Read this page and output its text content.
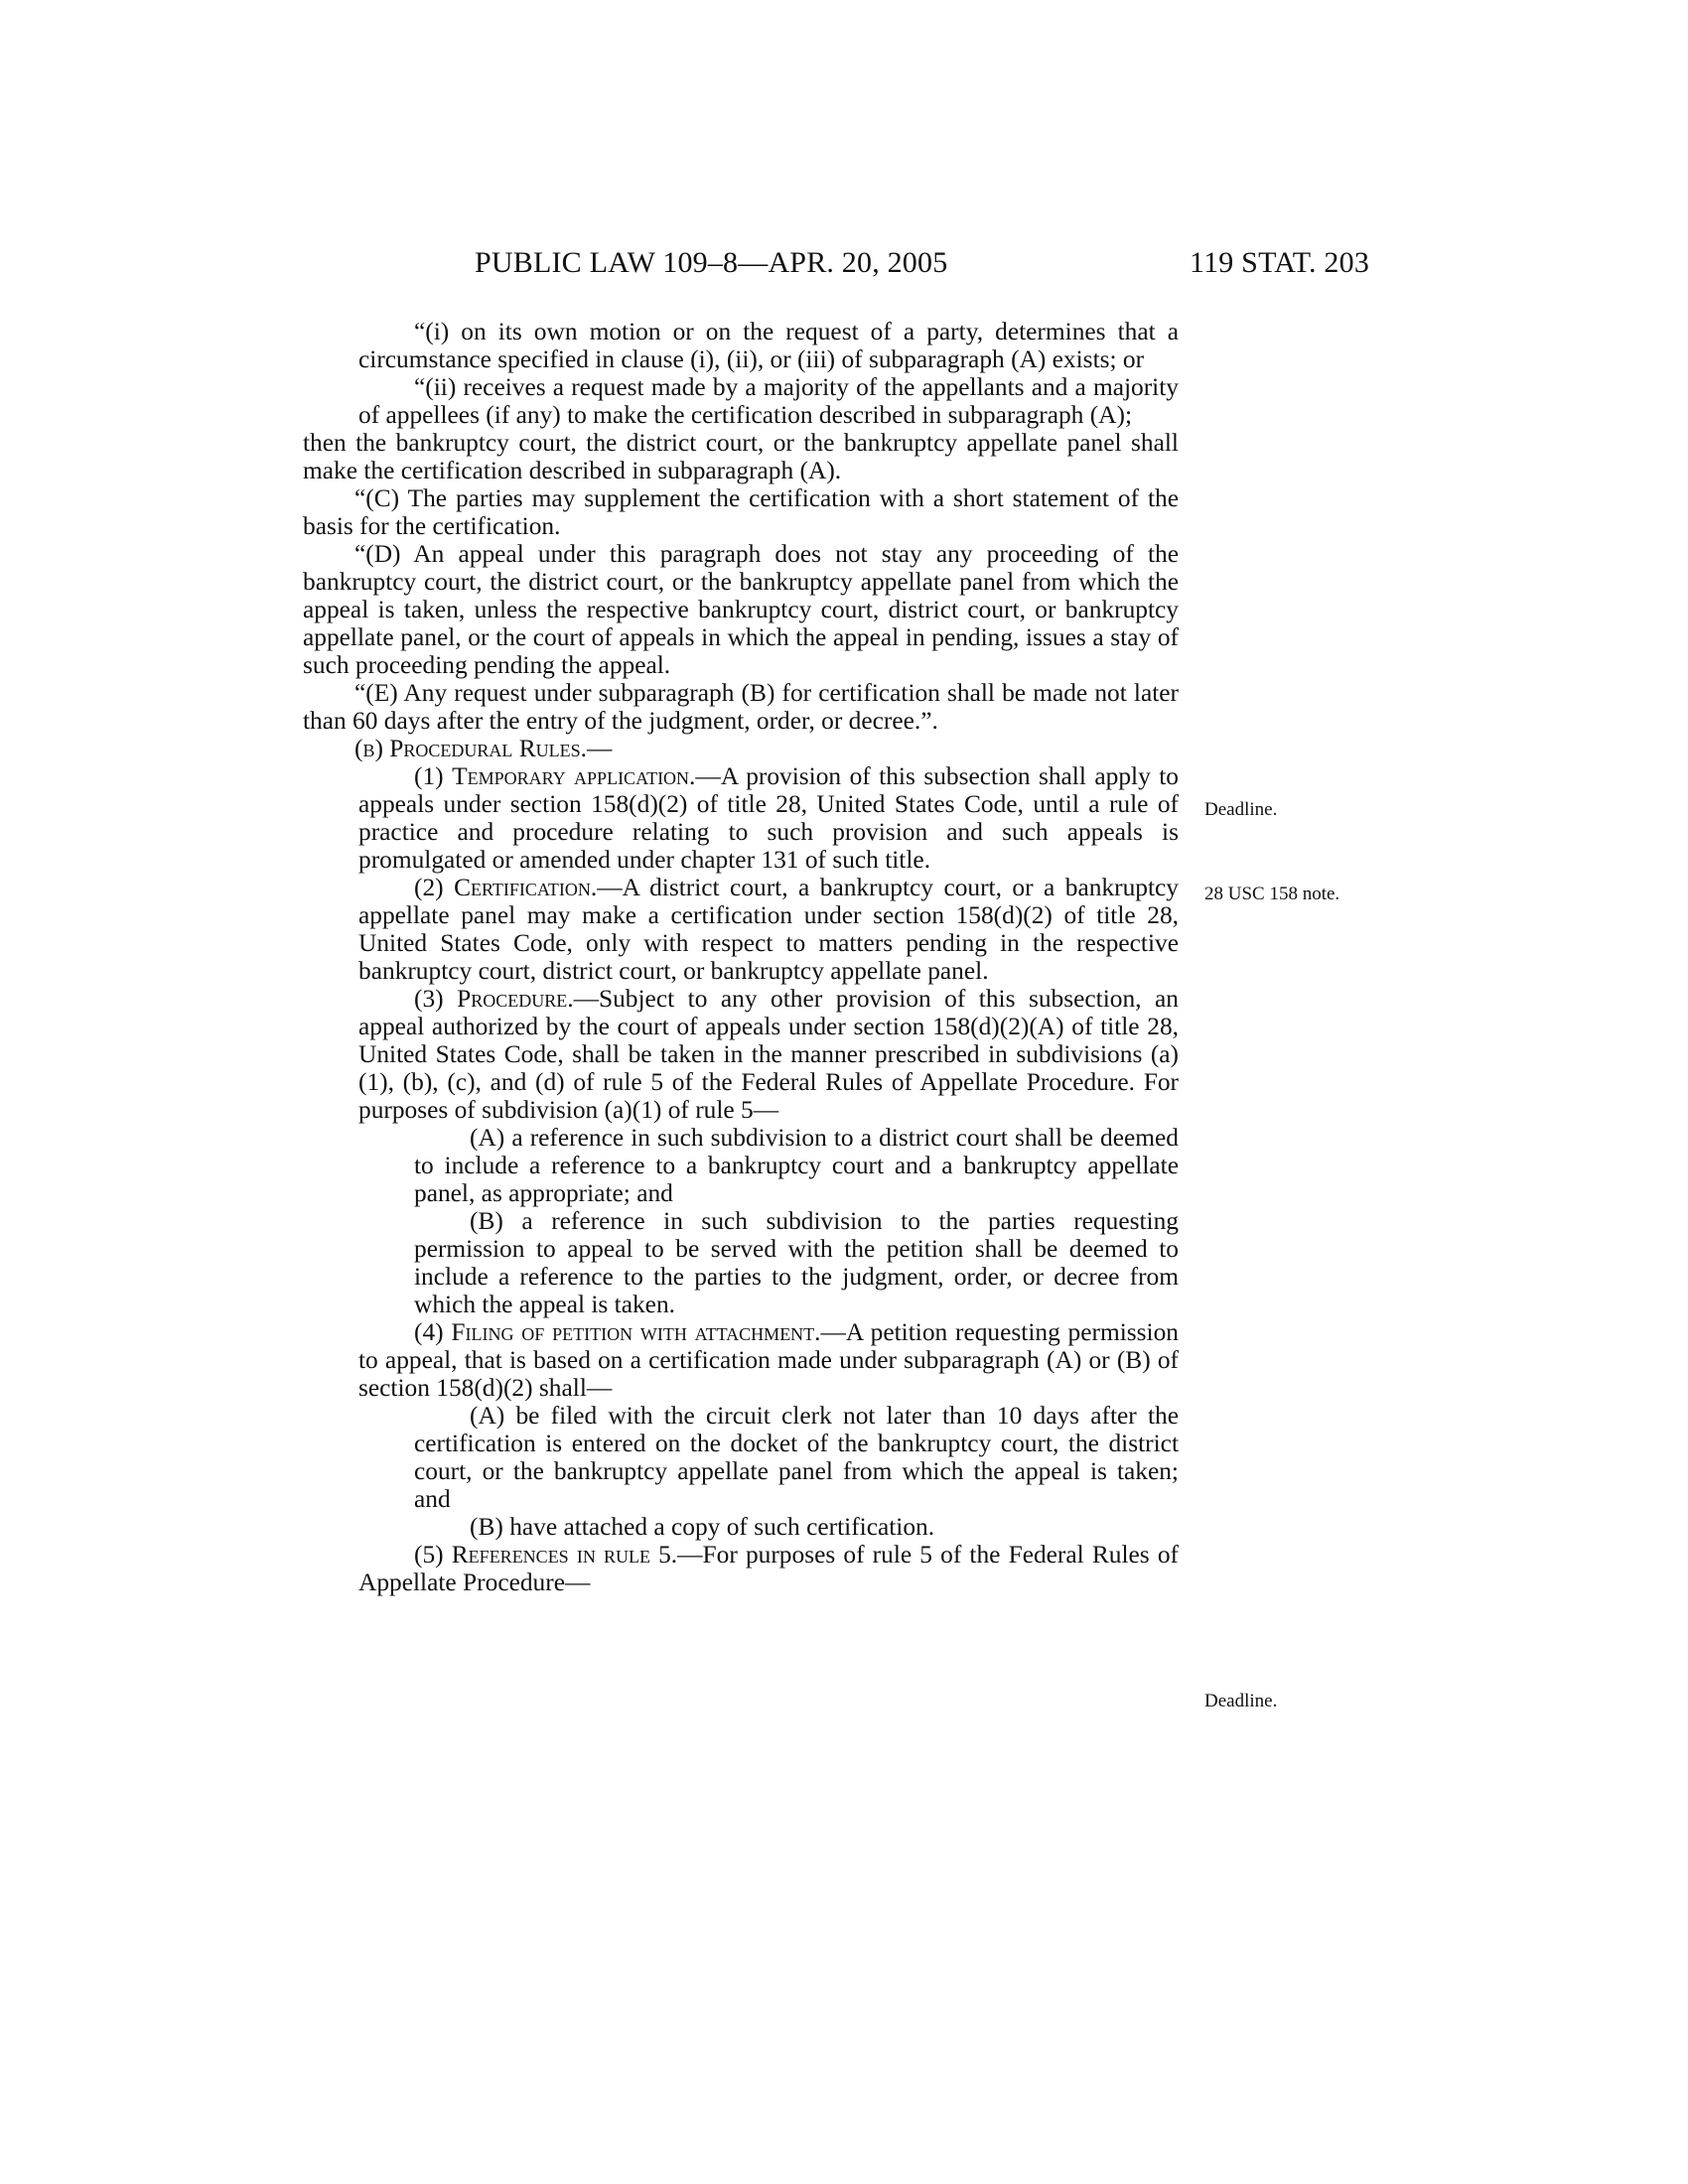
PUBLIC LAW 109–8—APR. 20, 2005	119 STAT. 203

“(i) on its own motion or on the request of a party, determines that a circumstance specified in clause (i), (ii), or (iii) of subparagraph (A) exists; or

“(ii) receives a request made by a majority of the appellants and a majority of appellees (if any) to make the certification described in subparagraph (A);

then the bankruptcy court, the district court, or the bankruptcy appellate panel shall make the certification described in subparagraph (A).

“(C) The parties may supplement the certification with a short statement of the basis for the certification.

“(D) An appeal under this paragraph does not stay any proceeding of the bankruptcy court, the district court, or the bankruptcy appellate panel from which the appeal is taken, unless the respective bankruptcy court, district court, or bankruptcy appellate panel, or the court of appeals in which the appeal in pending, issues a stay of such proceeding pending the appeal.

“(E) Any request under subparagraph (B) for certification shall be made not later than 60 days after the entry of the judgment, order, or decree.”.

(b) Procedural Rules.—

(1) Temporary application.—A provision of this subsection shall apply to appeals under section 158(d)(2) of title 28, United States Code, until a rule of practice and procedure relating to such provision and such appeals is promulgated or amended under chapter 131 of such title.

(2) Certification.—A district court, a bankruptcy court, or a bankruptcy appellate panel may make a certification under section 158(d)(2) of title 28, United States Code, only with respect to matters pending in the respective bankruptcy court, district court, or bankruptcy appellate panel.

(3) Procedure.—Subject to any other provision of this subsection, an appeal authorized by the court of appeals under section 158(d)(2)(A) of title 28, United States Code, shall be taken in the manner prescribed in subdivisions (a)(1), (b), (c), and (d) of rule 5 of the Federal Rules of Appellate Procedure. For purposes of subdivision (a)(1) of rule 5—

(A) a reference in such subdivision to a district court shall be deemed to include a reference to a bankruptcy court and a bankruptcy appellate panel, as appropriate; and

(B) a reference in such subdivision to the parties requesting permission to appeal to be served with the petition shall be deemed to include a reference to the parties to the judgment, order, or decree from which the appeal is taken.

(4) Filing of petition with attachment.—A petition requesting permission to appeal, that is based on a certification made under subparagraph (A) or (B) of section 158(d)(2) shall—

(A) be filed with the circuit clerk not later than 10 days after the certification is entered on the docket of the bankruptcy court, the district court, or the bankruptcy appellate panel from which the appeal is taken; and

(B) have attached a copy of such certification.

(5) References in rule 5.—For purposes of rule 5 of the Federal Rules of Appellate Procedure—

Deadline.
28 USC 158 note.
Deadline.
